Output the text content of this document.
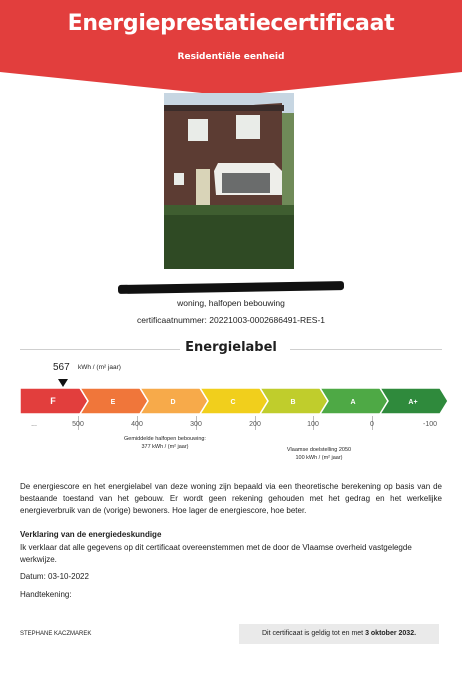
Energieprestatiecertificaat
Residentiële eenheid
woning, halfopen bebouwing
certificaatnummer: 20221003-0002686491-RES-1
Energielabel
567 kWh / (m² jaar)
F	E	D	C	B	A	A+
...	500	400	300	200	100	0	-100
Gemiddelde halfopen bebouwing:
377 kWh / (m² jaar)	Vlaamse doelstelling 2050
100 kWh / (m² jaar)
De energiescore en het energielabel van deze woning zijn bepaald via een theoretische berekening op basis van de bestaande toestand van het gebouw. Er wordt geen rekening gehouden met het gedrag en het werkelijke energieverbruik van de (vorige) bewoners. Hoe lager de energiescore, hoe beter.
Verklaring van de energiedeskundige
Ik verklaar dat alle gegevens op dit certificaat overeenstemmen met de door de Vlaamse overheid vastgelegde werkwijze.
Datum: 03-10-2022
Handtekening:
STEPHANE KACZMAREK	Dit certificaat is geldig tot en met 3 oktober 2032.
